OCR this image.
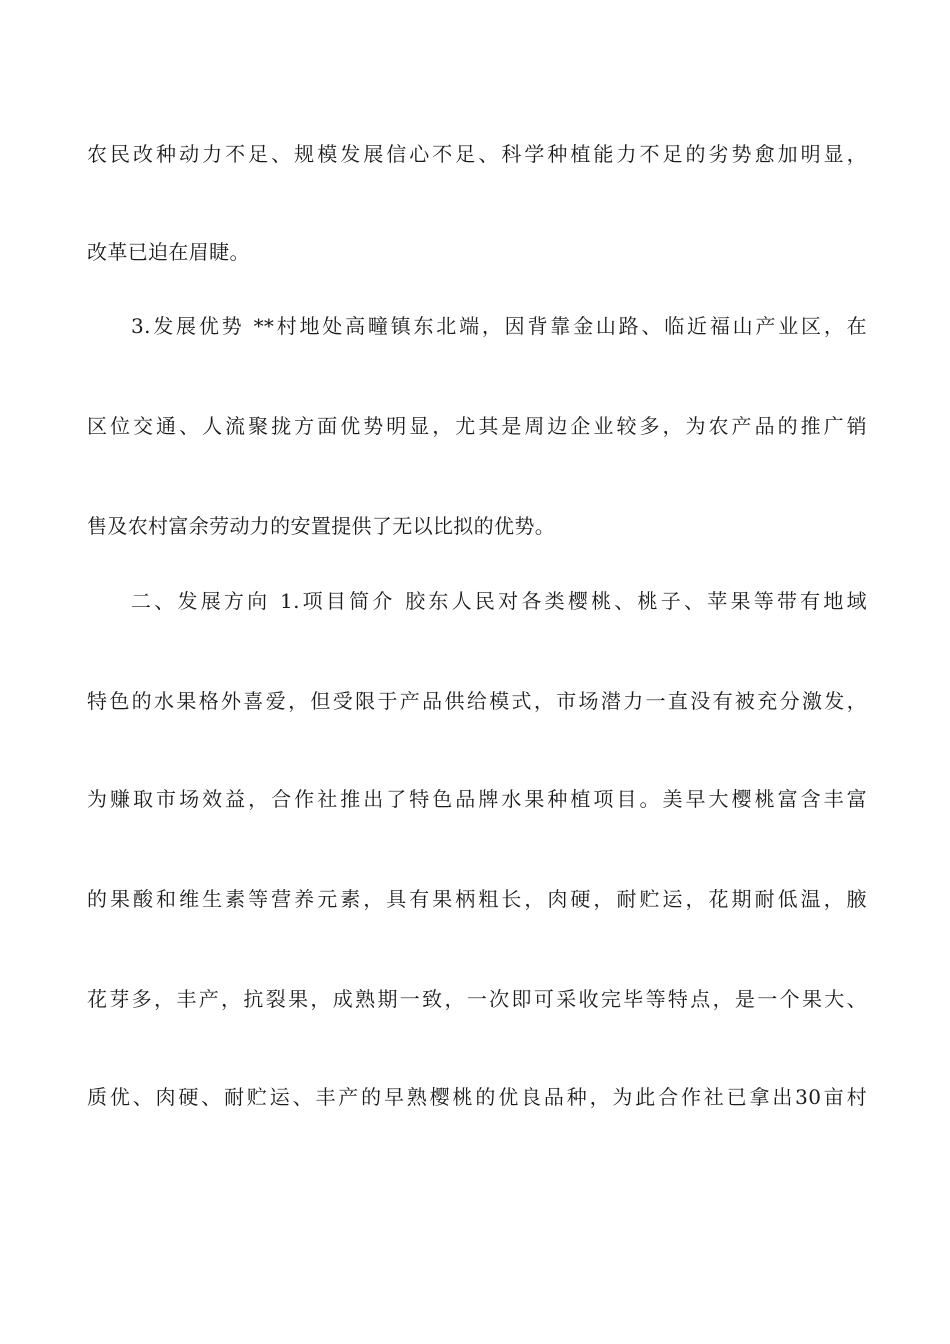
农民改种动力不足、规模发展信心不足、科学种植能力不足的劣势愈加明显，
改革已迫在眉睫。
3.发展优势 **村地处高疃镇东北端，因背靠金山路、临近福山产业区，在
区位交通、人流聚拢方面优势明显，尤其是周边企业较多，为农产品的推广销
售及农村富余劳动力的安置提供了无以比拟的优势。
二、发展方向 1.项目简介 胶东人民对各类樱桃、桃子、苹果等带有地域
特色的水果格外喜爱，但受限于产品供给模式，市场潜力一直没有被充分激发，
为赚取市场效益，合作社推出了特色品牌水果种植项目。美早大樱桃富含丰富
的果酸和维生素等营养元素，具有果柄粗长，肉硬，耐贮运，花期耐低温，腋
花芽多，丰产，抗裂果，成熟期一致，一次即可采收完毕等特点，是一个果大、
质优、肉硬、耐贮运、丰产的早熟樱桃的优良品种，为此合作社已拿出30亩村
